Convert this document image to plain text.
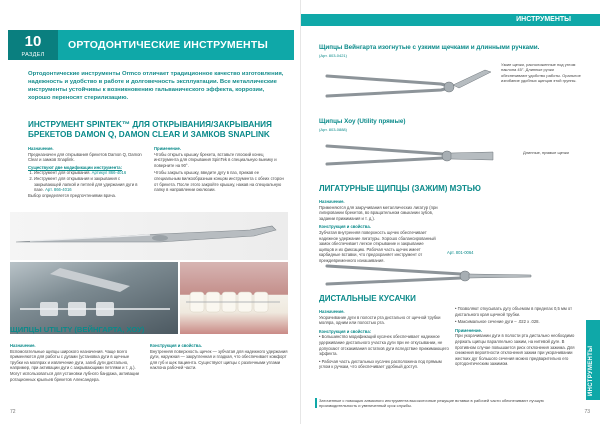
10
РАЗДЕЛ
ОРТОДОНТИЧЕСКИЕ ИНСТРУМЕНТЫ
Ортодонтические инструменты Ormco отличает традиционное качество изготовления, надежность и удобство в работе и долговечность эксплуатации. Все металлические инструменты устойчивы к возникновению гальванического эффекта, коррозии, хорошо переносят стерилизацию.
ИНСТРУМЕНТ SPINTEK™ ДЛЯ ОТКРЫВАНИЯ/ЗАКРЫВАНИЯ БРЕКЕТОВ DAMON Q, DAMON CLEAR И ЗАМКОВ SNAPLINK
Назначение.

Предназначен для открывания брекетов Damon Q, Damon Clear и замков Snaplink.

Существуют две модификации инструмента:
1. Инструмент для открывания. Артикул 866-4016
2. Инструмент для открывания и закрывания с закрывающей лапкой и петлей для удержания дуги в пазе. Арт. 866-4016

Выбор определяется предпочтениями врача.

Применение.

Чтобы открыть крышку брекета, вставьте плоский конец инструмента для открывания SpinTek в специальную выемку и поверните на 90°.

Чтобы закрыть крышку, введите дугу в паз, прижав ее специальным вилкообразным концом инструмента с обеих сторон от брекета. После этого закройте крышку, нажав на специальную лапку в направлении окклюзии.

ЩИПЦЫ UTILITY (ВЕЙНГАРТА, ХОУ)
Назначение.

Вспомогательные щипцы широкого назначения. Чаще всего применяются для работы с дугами (установка дуги в щечные трубки на молярах и извлечение дуги, загиб дуги дистально, например, при активации дуги с закрывающими петлями и т. д.). Могут использоваться для установки лубного бандажа, активации ротационных крыльев брекетов Александера.

Конструкция и свойства.

Внутренняя поверхность щечек — зубчатая для надежного удержания дуги, наружная — закругленная и гладкая, что обеспечивает комфорт для губ и щек пациента. Существуют щипцы с различными углами наклона рабочей части.

72
ИНСТРУМЕНТЫ
Щипцы Вейнгарта изогнутые с узкими щечками и длинными ручками.
(Арт. 803-0421)
Узкие щечки, расположенные под углом наклона 45°. Длинные ручки обеспечивают удобство работы. Оральное изгибание удобных щипцов этой группы.
Щипцы Хоу (Utility прямые)
(Арт. 803-0888)
Длинные, прямые щечки
ЛИГАТУРНЫЕ ЩИПЦЫ (ЗАЖИМ) МЭТЬЮ
Назначение.

Применяются для закручивания металлических лигатур (при лигировании брекетов, во вращательном смыкании зубов, задании прижимания и т. д.).

Конструкция и свойства.

Зубчатая внутренняя поверхность щечек обеспечивает надежное удержание лигатуры. Хорошо сбалансированный замок обеспечивает легкое открывание и закрывание щипцов и их фиксацию. Рабочая часть щечек имеет карбидные вставки, что предохраняет инструмент от преждевременного изнашивания.

Арт. 801-0064
ДИСТАЛЬНЫЕ КУСАЧКИ
Назначение.

Укорачивание дуги в полости рта дистально от щечной трубки моляра, одним или полостью рта.

Конструкция и свойства:

• Большинство модификаций кусачек обеспечивает надежное удерживание дистального участка дуги при ее откусывании, не допускают отскакивания остатков дуги вследствие прижимающего эффекта.

• Рабочая часть дистальных кусачек расположена под прямым углом к ручкам, что обеспечивает удобный доступ.

• Позволяют откусывать дугу объемом в пределах 0,5 мм от дистального края щечной трубки.

• Максимальное сечение дуги – .022 x .028.

Применение.

При укорачивании дуги в полости рта дистально необходимо держать щипцы параллельно зажим, на нитевой дуге. В противном случае повышается риск отклонения зажима. Для снижения вероятности отклонения зажим при укорачивании жестких дуг большого сечения можно предварительно его ортодонтическим зажимом.

Заточенные с помощью алмазного инструмента высокоточные режущие вставки в рабочей части обеспечивают лучшую производительность и увеличенный срок службы.
ИНСТРУМЕНТЫ
73
